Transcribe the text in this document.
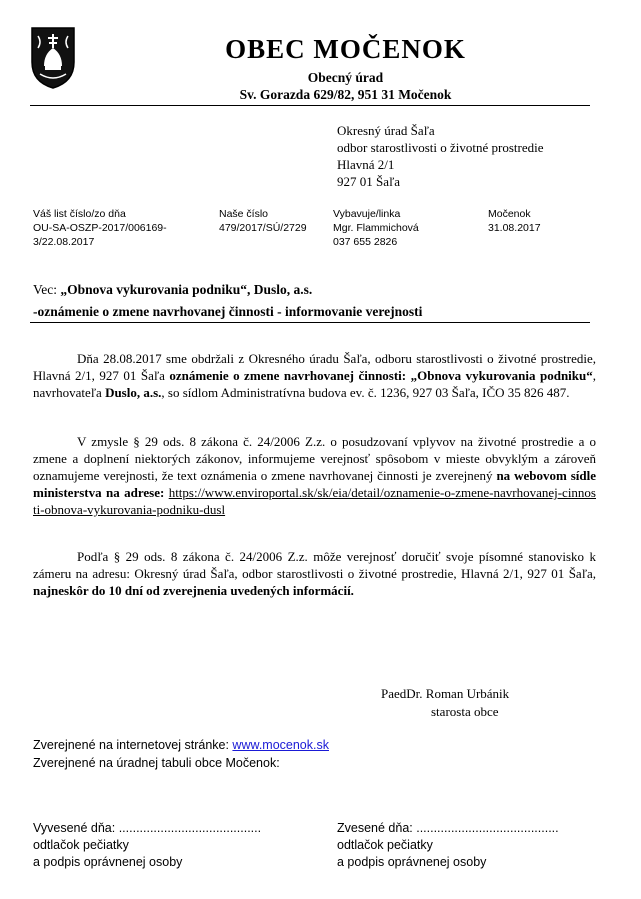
OBEC MOČENOK
Obecný úrad
Sv. Gorazda 629/82, 951 31 Močenok
Okresný úrad Šaľa
odbor starostlivosti o životné prostredie
Hlavná 2/1
927 01 Šaľa
Váš list číslo/zo dňa
OU-SA-OSZP-2017/006169-
3/22.08.2017
Naše číslo
479/2017/SÚ/2729
Vybavuje/linka
Mgr. Flammichová
037 655 2826
Močenok
31.08.2017
Vec: „Obnova vykurovania podniku“, Duslo, a.s.
-oznámenie o zmene navrhovanej činnosti - informovanie verejnosti
Dňa 28.08.2017 sme obdržali z Okresného úradu Šaľa, odboru starostlivosti o životné prostredie, Hlavná 2/1, 927 01 Šaľa oznámenie o zmene navrhovanej činnosti: „Obnova vykurovania podniku“, navrhovateľa Duslo, a.s., so sídlom Administratívna budova ev. č. 1236, 927 03 Šaľa, IČO 35 826 487.
V zmysle § 29 ods. 8 zákona č. 24/2006 Z.z. o posudzovaní vplyvov na životné prostredie a o zmene a doplnení niektorých zákonov, informujeme verejnosť spôsobom v mieste obvyklým a zároveň oznamujeme verejnosti, že text oznámenia o zmene navrhovanej činnosti je zverejnený na webovom sídle ministerstva na adrese: https://www.enviroportal.sk/sk/eia/detail/oznamenie-o-zmene-navrhovanej-cinnosti-obnova-vykurovania-podniku-dusl
Podľa § 29 ods. 8 zákona č. 24/2006 Z.z. môže verejnosť doručiť svoje písomné stanovisko k zámeru na adresu: Okresný úrad Šaľa, odbor starostlivosti o životné prostredie, Hlavná 2/1, 927 01 Šaľa, najneskôr do 10 dní od zverejnenia uvedených informácií.
PaedDr. Roman Urbánik
starosta obce
Zverejnené na internetovej stránke: www.mocenok.sk
Zverejnené na úradnej tabuli obce Močenok:
Vyvesené dňa: .........................................
odtlačok pečiatky
a podpis oprávnenej osoby
Zvesené dňa: .........................................
odtlačok pečiatky
a podpis oprávnenej osoby
